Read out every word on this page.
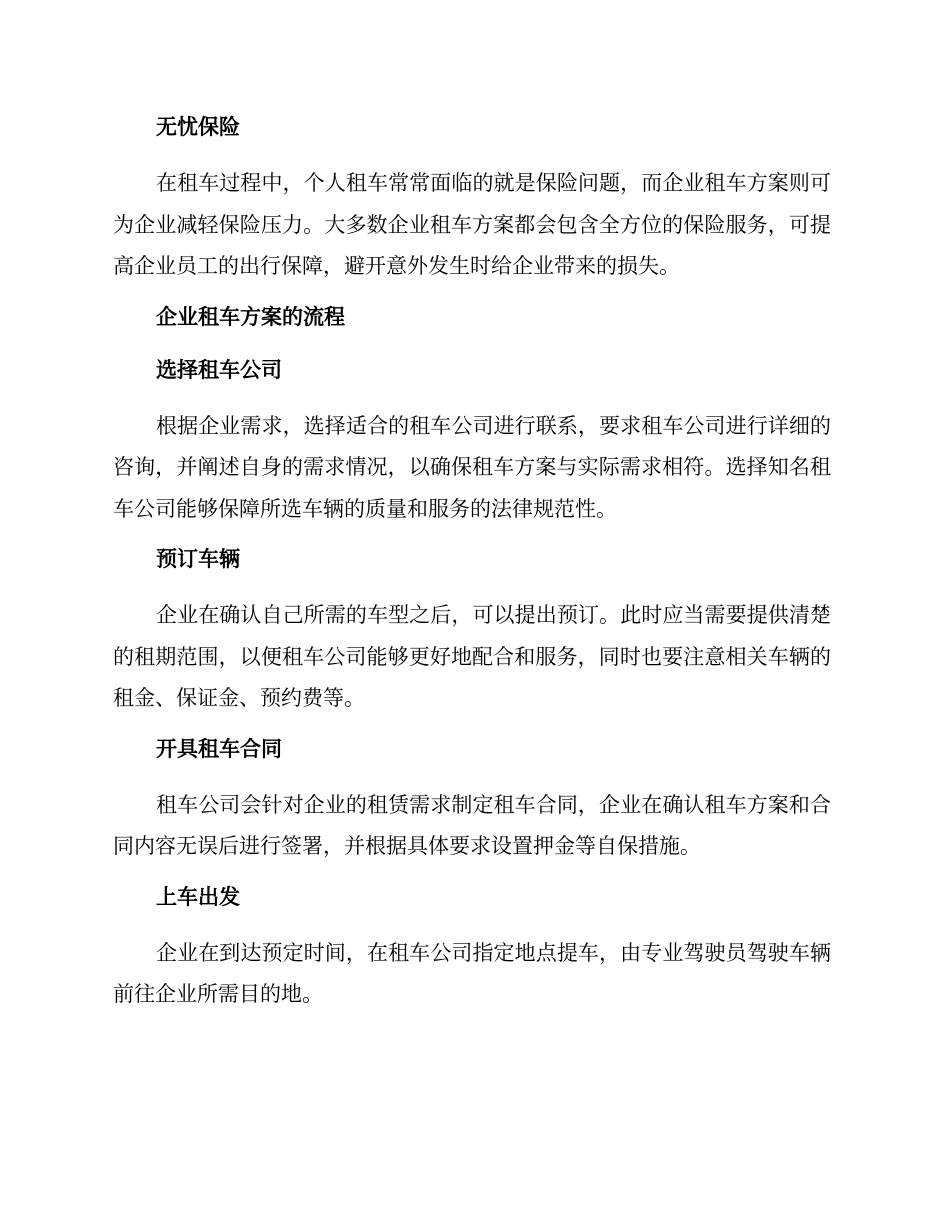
无忧保险
在租车过程中，个人租车常常面临的就是保险问题，而企业租车方案则可为企业减轻保险压力。大多数企业租车方案都会包含全方位的保险服务，可提高企业员工的出行保障，避开意外发生时给企业带来的损失。
企业租车方案的流程
选择租车公司
根据企业需求，选择适合的租车公司进行联系，要求租车公司进行详细的咨询，并阐述自身的需求情况，以确保租车方案与实际需求相符。选择知名租车公司能够保障所选车辆的质量和服务的法律规范性。
预订车辆
企业在确认自己所需的车型之后，可以提出预订。此时应当需要提供清楚的租期范围，以便租车公司能够更好地配合和服务，同时也要注意相关车辆的租金、保证金、预约费等。
开具租车合同
租车公司会针对企业的租赁需求制定租车合同，企业在确认租车方案和合同内容无误后进行签署，并根据具体要求设置押金等自保措施。
上车出发
企业在到达预定时间，在租车公司指定地点提车，由专业驾驶员驾驶车辆前往企业所需目的地。
